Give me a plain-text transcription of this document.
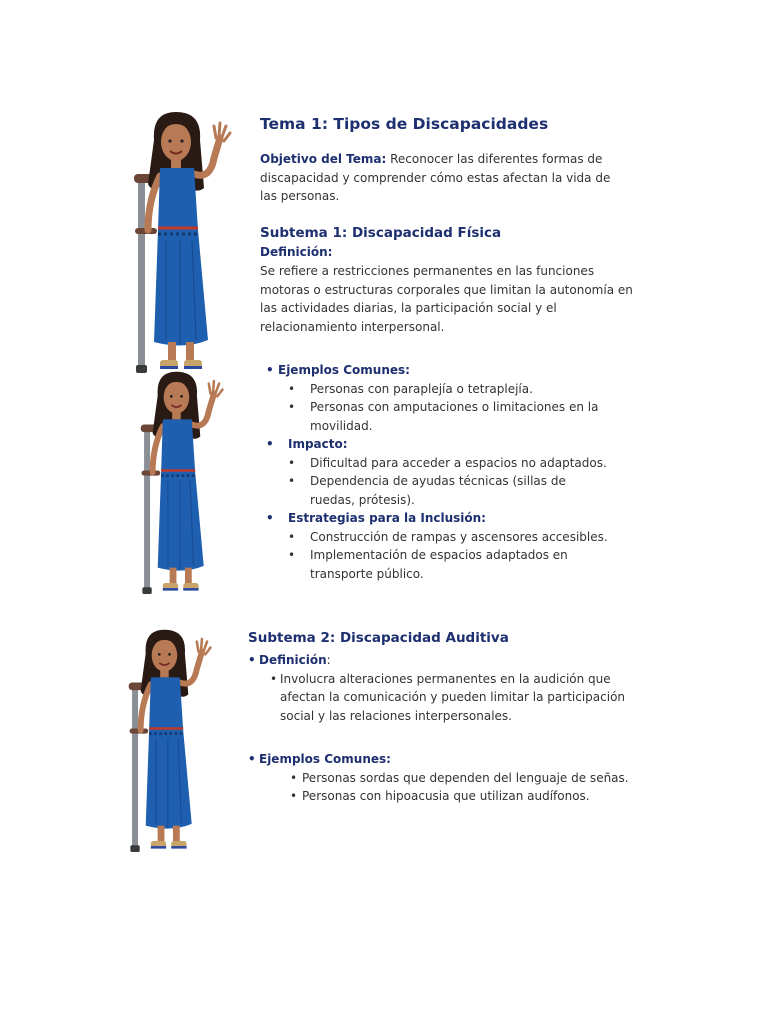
Tema 1: Tipos de Discapacidades
Objetivo del Tema: Reconocer las diferentes formas de discapacidad y comprender cómo estas afectan la vida de las personas.
Subtema 1: Discapacidad Física
Definición:
Se refiere a restricciones permanentes en las funciones motoras o estructuras corporales que limitan la autonomía en las actividades diarias, la participación social y el relacionamiento interpersonal.
• Ejemplos Comunes:
•	Personas con paraplejía o tetraplejía.
•	Personas con amputaciones o limitaciones en la movilidad.
•	Impacto:
•	Dificultad para acceder a espacios no adaptados.
•	Dependencia de ayudas técnicas (sillas de ruedas, prótesis).
•	Estrategias para la Inclusión:
•	Construcción de rampas y ascensores accesibles.
•	Implementación de espacios adaptados en transporte público.
Subtema 2: Discapacidad Auditiva
• Definición:
• Involucra alteraciones permanentes en la audición que afectan la comunicación y pueden limitar la participación social y las relaciones interpersonales.
• Ejemplos Comunes:
• Personas sordas que dependen del lenguaje de señas.
• Personas con hipoacusia que utilizan audífonos.
